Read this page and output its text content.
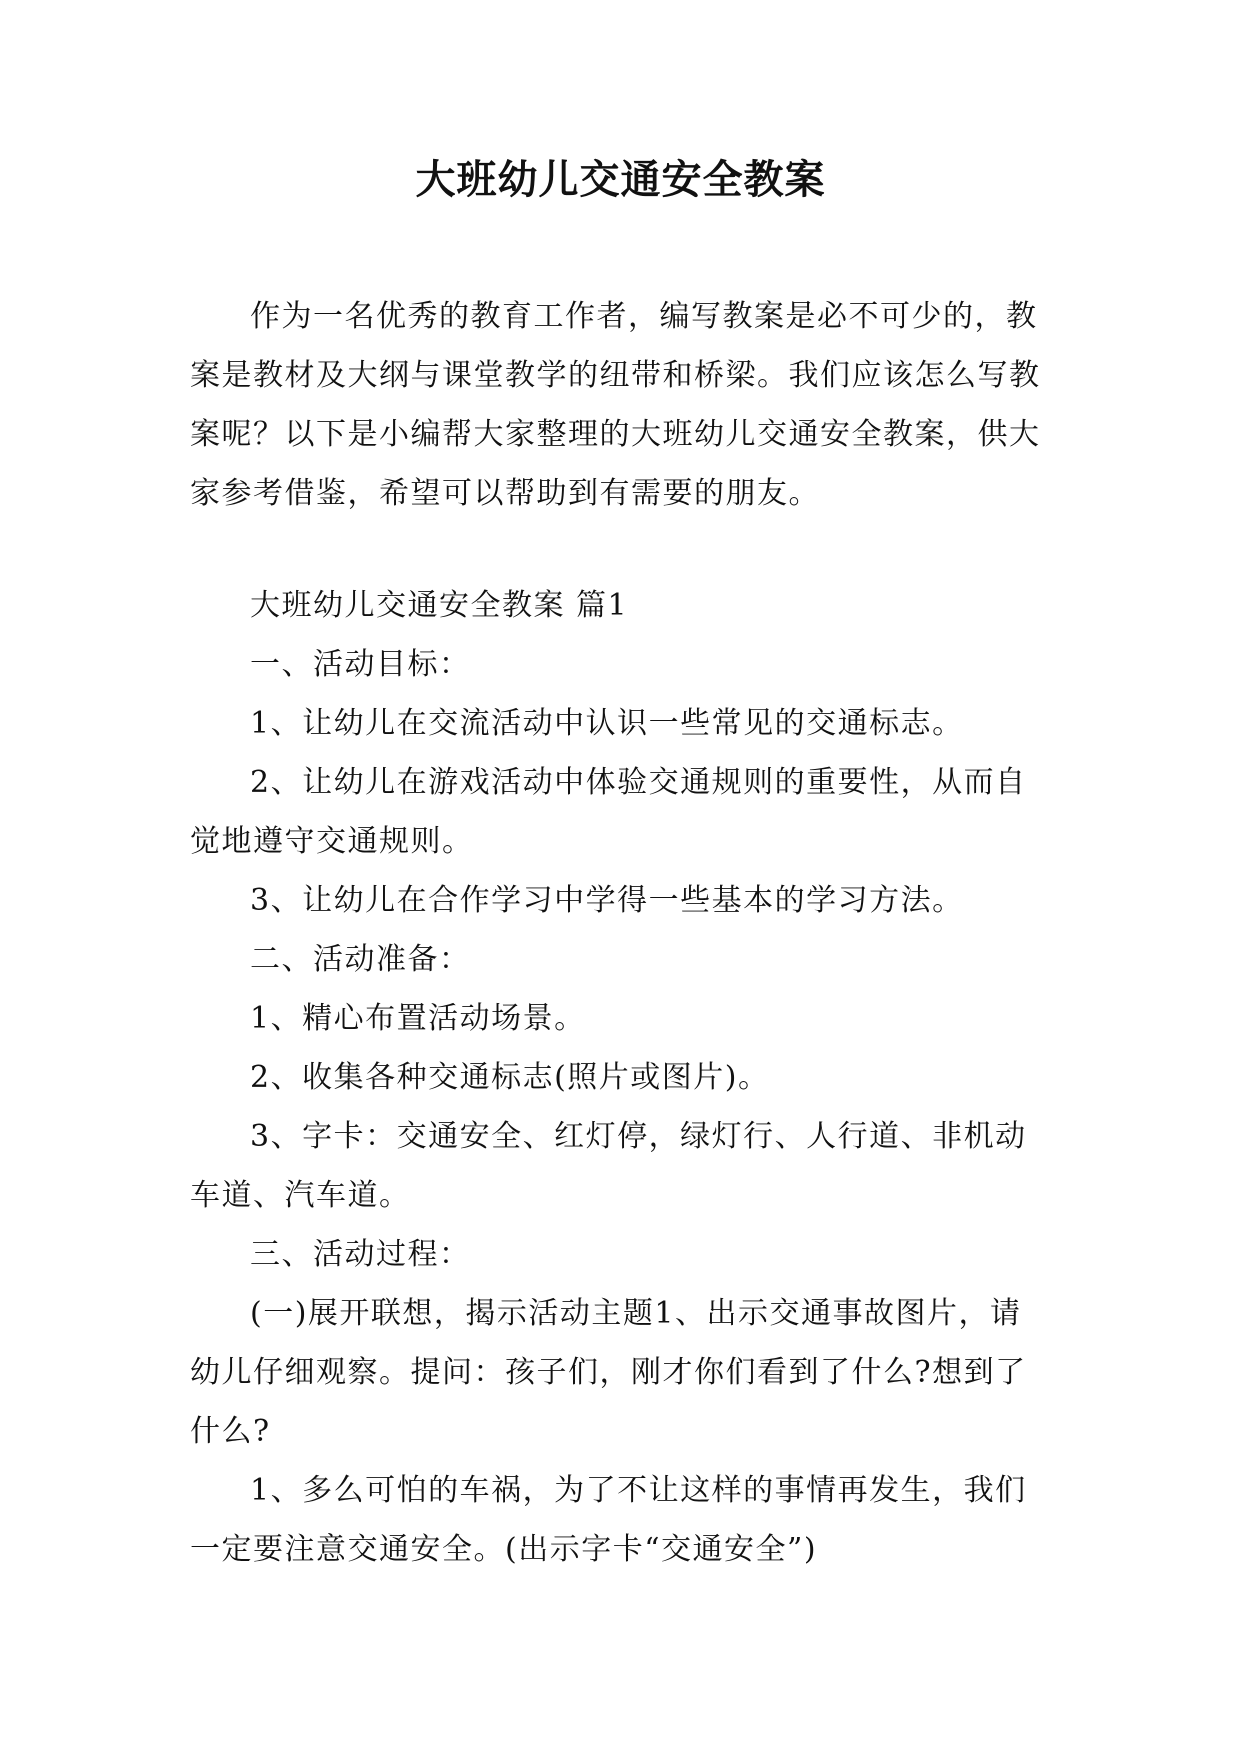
大班幼儿交通安全教案

作为一名优秀的教育工作者，编写教案是必不可少的，教案是教材及大纲与课堂教学的纽带和桥梁。我们应该怎么写教案呢？以下是小编帮大家整理的大班幼儿交通安全教案，供大家参考借鉴，希望可以帮助到有需要的朋友。

大班幼儿交通安全教案 篇1

一、活动目标：

1、让幼儿在交流活动中认识一些常见的交通标志。

2、让幼儿在游戏活动中体验交通规则的重要性，从而自觉地遵守交通规则。

3、让幼儿在合作学习中学得一些基本的学习方法。

二、活动准备：

1、精心布置活动场景。

2、收集各种交通标志(照片或图片)。

3、字卡：交通安全、红灯停，绿灯行、人行道、非机动车道、汽车道。

三、活动过程：

(一)展开联想，揭示活动主题1、出示交通事故图片，请幼儿仔细观察。提问：孩子们，刚才你们看到了什么?想到了什么?

1、多么可怕的车祸，为了不让这样的事情再发生，我们一定要注意交通安全。(出示字卡“交通安全”)
